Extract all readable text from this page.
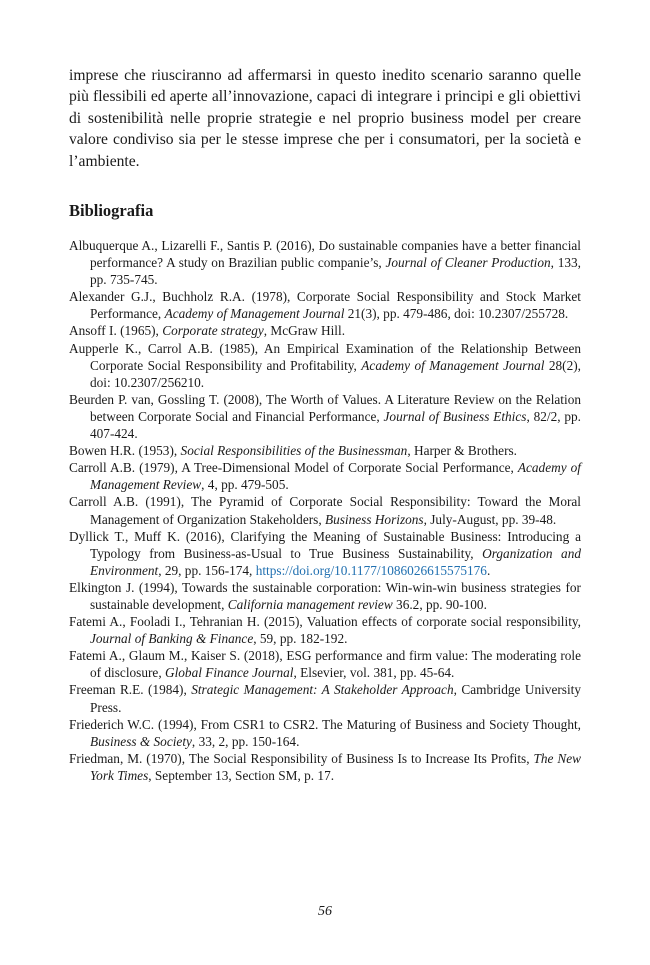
imprese che riusciranno ad affermarsi in questo inedito scenario saranno quelle più flessibili ed aperte all’innovazione, capaci di integrare i principi e gli obiettivi di sostenibilità nelle proprie strategie e nel proprio business model per creare valore condiviso sia per le stesse imprese che per i consumatori, per la società e l’ambiente.

Bibliografia

Albuquerque A., Lizarelli F., Santis P. (2016), Do sustainable companies have a better financial performance? A study on Brazilian public companie’s, Journal of Cleaner Production, 133, pp. 735-745.

Alexander G.J., Buchholz R.A. (1978), Corporate Social Responsibility and Stock Market Performance, Academy of Management Journal 21(3), pp. 479-486, doi: 10.2307/255728.

Ansoff I. (1965), Corporate strategy, McGraw Hill.

Aupperle K., Carrol A.B. (1985), An Empirical Examination of the Relationship Between Corporate Social Responsibility and Profitability, Academy of Management Journal 28(2), doi: 10.2307/256210.

Beurden P. van, Gossling T. (2008), The Worth of Values. A Literature Review on the Relation between Corporate Social and Financial Performance, Journal of Business Ethics, 82/2, pp. 407-424.

Bowen H.R. (1953), Social Responsibilities of the Businessman, Harper & Brothers.

Carroll A.B. (1979), A Tree-Dimensional Model of Corporate Social Performance, Academy of Management Review, 4, pp. 479-505.

Carroll A.B. (1991), The Pyramid of Corporate Social Responsibility: Toward the Moral Management of Organization Stakeholders, Business Horizons, July-August, pp. 39-48.

Dyllick T., Muff K. (2016), Clarifying the Meaning of Sustainable Business: Introducing a Typology from Business-as-Usual to True Business Sustainability, Organization and Environment, 29, pp. 156-174, https://doi.org/10.1177/1086026615575176.

Elkington J. (1994), Towards the sustainable corporation: Win-win-win business strategies for sustainable development, California management review 36.2, pp. 90-100.

Fatemi A., Fooladi I., Tehranian H. (2015), Valuation effects of corporate social responsibility, Journal of Banking & Finance, 59, pp. 182-192.

Fatemi A., Glaum M., Kaiser S. (2018), ESG performance and firm value: The moderating role of disclosure, Global Finance Journal, Elsevier, vol. 381, pp. 45-64.

Freeman R.E. (1984), Strategic Management: A Stakeholder Approach, Cambridge University Press.

Friederich W.C. (1994), From CSR1 to CSR2. The Maturing of Business and Society Thought, Business & Society, 33, 2, pp. 150-164.

Friedman, M. (1970), The Social Responsibility of Business Is to Increase Its Profits, The New York Times, September 13, Section SM, p. 17.

56
